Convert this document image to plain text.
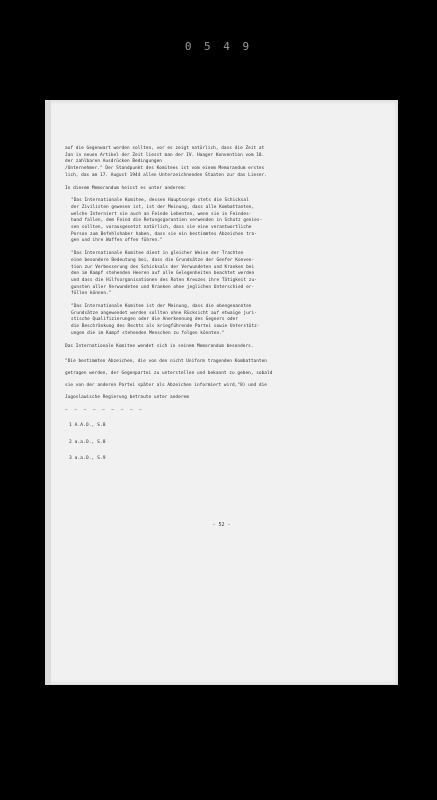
0 5 4 9

auf die Gegenwart werden sollten, vor es zeigt natürlich, dass die Zeit at
Jan in neuen Artikel der Zeit liesst man der IV. Haager Konvention vom 18.
der zahlbaren Ausdrücken Bedingungen
/Unternehmer." Der Standpunkt des Komitees ist vom einem Memorandum erstes
lich, das am 17. August 1944 allen Unterzeichnenden Staaten zur das Lieser.

In diesem Memorandum heisst es unter anderem:

"Das Internationale Komitee, dessen Hauptsorge stets die Schicksal
der Zivilisten gewesen ist, ist der Meinung, dass alle Kombattanten,
welche Interniert sie auch an Feinde Lebenten, wenn sie in Feindes-
hand fallen, dem Feind die Retungsgarantien verwenden in Schutz genies-
sen sollten, vorausgesetzt natürlich, dass sie eine verantwortliche
Person zum Befehlshaber haben, dass sie ein bestimmtes Abzeichen tra-
gen und ihre Waffen offen führen."

"Das Internationale Komitee dient in gleicher Weise der Trachten
eine besondere Bedeutung bei, dass die Grundsätze der Genfer Konven-
tion zur Verbesserung des Schicksals der Verwundeten und Kranken bei
den im Kampf stehenden Heeren auf alle Gelegenheiten beachtet werden
und dass die Hilfsorganisationen des Roten Kreuzes ihre Tätigkeit zu-
gunsten aller Verwundeten und Kranken ohne jeglichen Unterschied er-
füllen können."

"Das Internationale Komitee ist der Meinung, dass die obengenannten
Grundsätze angewendet werden sollten ohne Rücksicht auf etwaige juri-
stische Qualifizierungen oder die Anerkennung des Gegners oder
die Beschränkung des Rechts als kriegführende Partei sowie Unterstütz-
ungen die im Kampf stehenden Menschen zu folgen könnten."

Das Internationale Komitee wendet sich in seinem Memorandum besonders.

"Die bestimmten Abzeichen, die von den nicht Uniform tragenden Kombattanten
getragen werden, der Gegenpartei zu unterstellen und bekannt zu geben, sobald
sie von der anderen Partei später als Abzeichen informiert wird,"8) und die
Jugoslawische Regierung betraute unter anderem

— — — — — — — — —
1 A.A.O., S.8
2 a.a.O., S.8
3 a.a.O., S.9
- 52 -
